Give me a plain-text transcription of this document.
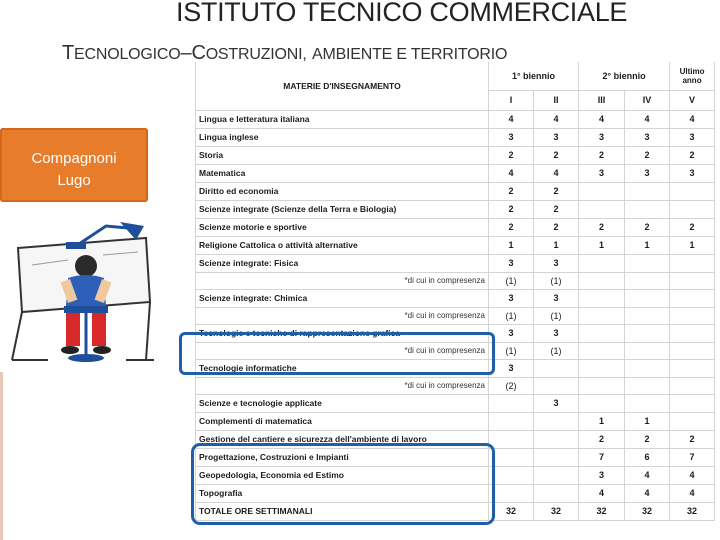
ISTITUTO TECNICO COMMERCIALE
TECNOLOGICO–COSTRUZIONI, AMBIENTE E TERRITORIO
Compagnoni
Lugo
MATERIE D'INSEGNAMENTO	1° biennio		2° biennio		Ultimo anno
	I	II	III	IV	V
Lingua e letteratura italiana	4	4	4	4	4
Lingua inglese	3	3	3	3	3
Storia	2	2	2	2	2
Matematica	4	4	3	3	3
Diritto ed economia	2	2			
Scienze integrate (Scienze della Terra e Biologia)	2	2			
Scienze motorie e sportive	2	2	2	2	2
Religione Cattolica o attività alternative	1	1	1	1	1
Scienze integrate: Fisica	3	3			
*di cui in compresenza	(1)	(1)			
Scienze integrate: Chimica	3	3			
*di cui in compresenza	(1)	(1)			
Tecnologie e tecniche di rappresentazione grafica	3	3			
*di cui in compresenza	(1)	(1)			
Tecnologie informatiche	3				
*di cui in compresenza	(2)				
Scienze e tecnologie applicate		3			
Complementi di matematica			1	1	
Gestione del cantiere e sicurezza dell'ambiente di lavoro			2	2	2
Progettazione, Costruzioni e Impianti			7	6	7
Geopedologia, Economia ed Estimo			3	4	4
Topografia			4	4	4
TOTALE ORE SETTIMANALI	32	32	32	32	32
